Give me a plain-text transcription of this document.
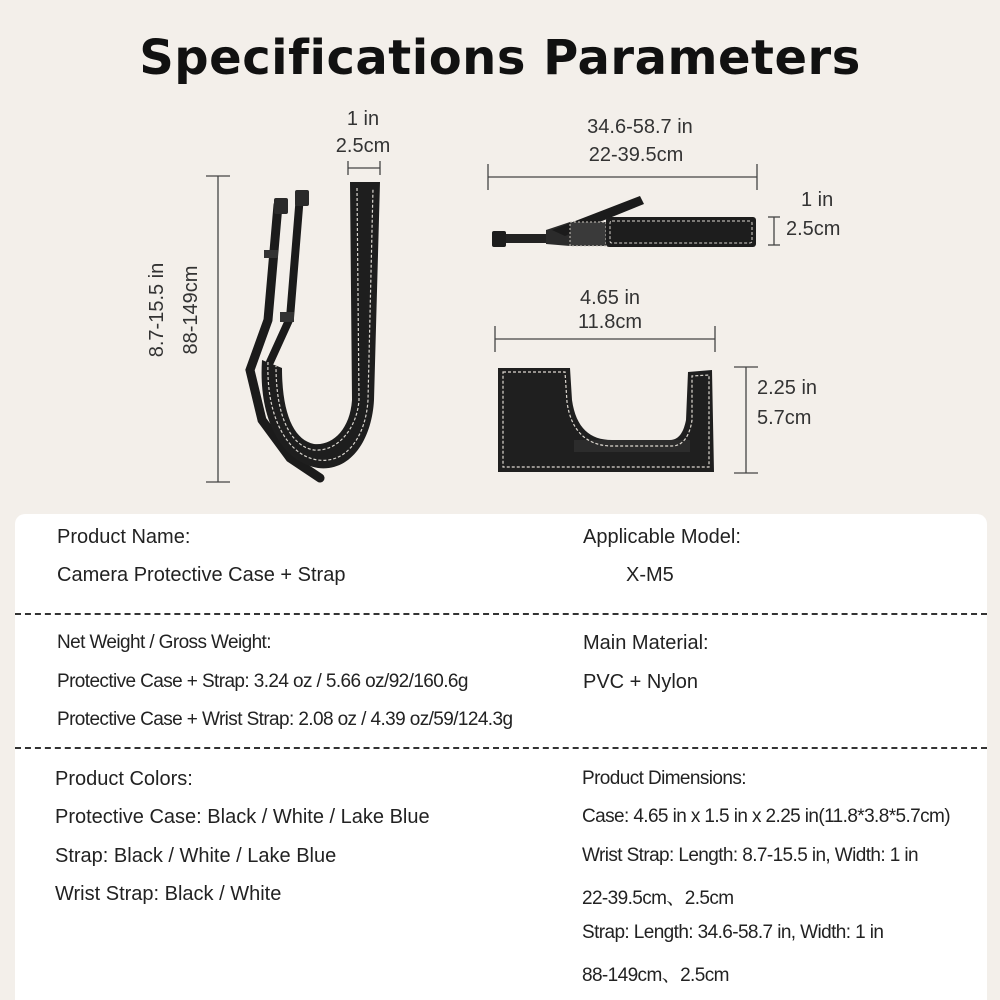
Specifications Parameters
1 in
2.5cm
8.7-15.5 in 88-149cm
34.6-58.7 in
22-39.5cm
1 in
2.5cm
4.65 in
11.8cm
2.25 in
5.7cm
Product Name:
Camera Protective Case + Strap
Applicable Model:
X-M5
Net Weight / Gross Weight:
Protective Case + Strap: 3.24 oz / 5.66 oz/92/160.6g
Protective Case + Wrist Strap: 2.08 oz / 4.39 oz/59/124.3g
Main Material:
PVC + Nylon
Product Colors:
Protective Case: Black / White / Lake Blue
Strap: Black / White / Lake Blue
Wrist Strap: Black / White
Product Dimensions:
Case: 4.65 in x 1.5 in x 2.25 in(11.8*3.8*5.7cm)
Wrist Strap: Length: 8.7-15.5 in, Width: 1 in
22-39.5cm、2.5cm
Strap: Length: 34.6-58.7 in, Width: 1 in
88-149cm、2.5cm
